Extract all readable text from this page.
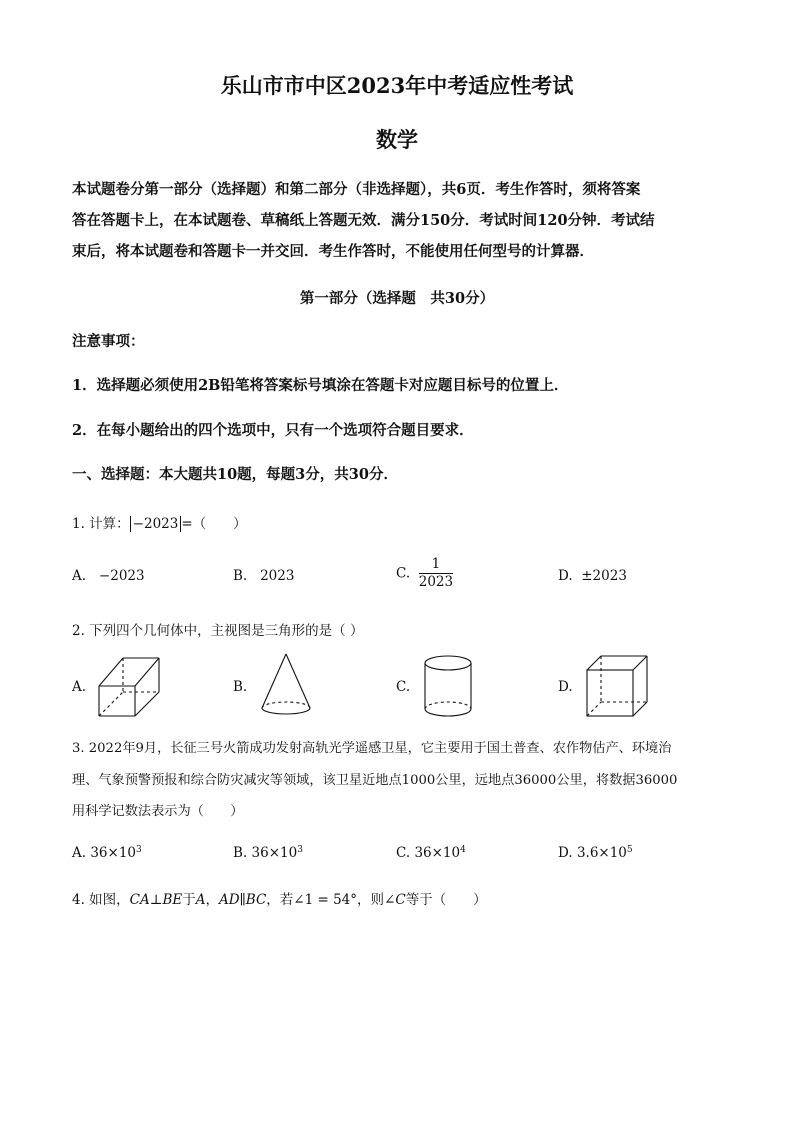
乐山市市中区2023年中考适应性考试
数学
本试题卷分第一部分（选择题）和第二部分（非选择题），共6页．考生作答时，须将答案
答在答题卡上，在本试题卷、草稿纸上答题无效．满分150分．考试时间120分钟．考试结
束后，将本试题卷和答题卡一并交回．考生作答时，不能使用任何型号的计算器．
第一部分（选择题　共30分）
注意事项：
1．选择题必须使用2B铅笔将答案标号填涂在答题卡对应题目标号的位置上．
2．在每小题给出的四个选项中，只有一个选项符合题目要求．
一、选择题：本大题共10题，每题3分，共30分．
1. 计算： −2023 =（　　）
A. −2023	B. 2023	C. $\frac{1}{2023}$	D. ±2023
2. 下列四个几何体中，主视图是三角形的是（ ）
A.	B.	C.	D.
3. 2022年9月，长征三号火箭成功发射高轨光学遥感卫星，它主要用于国土普查、农作物估产、环境治
理、气象预警预报和综合防灾减灾等领域，该卫星近地点1000公里，远地点36000公里，将数据36000
用科学记数法表示为（　　）
A. $36\times 10^3$	B. $36\times 10^3$	C. $36\times 10^4$	D. $3.6\times 10^5$
4. 如图，CA⊥BE于A，AD∥BC，若∠1 = 54°，则∠C等于（　　）
